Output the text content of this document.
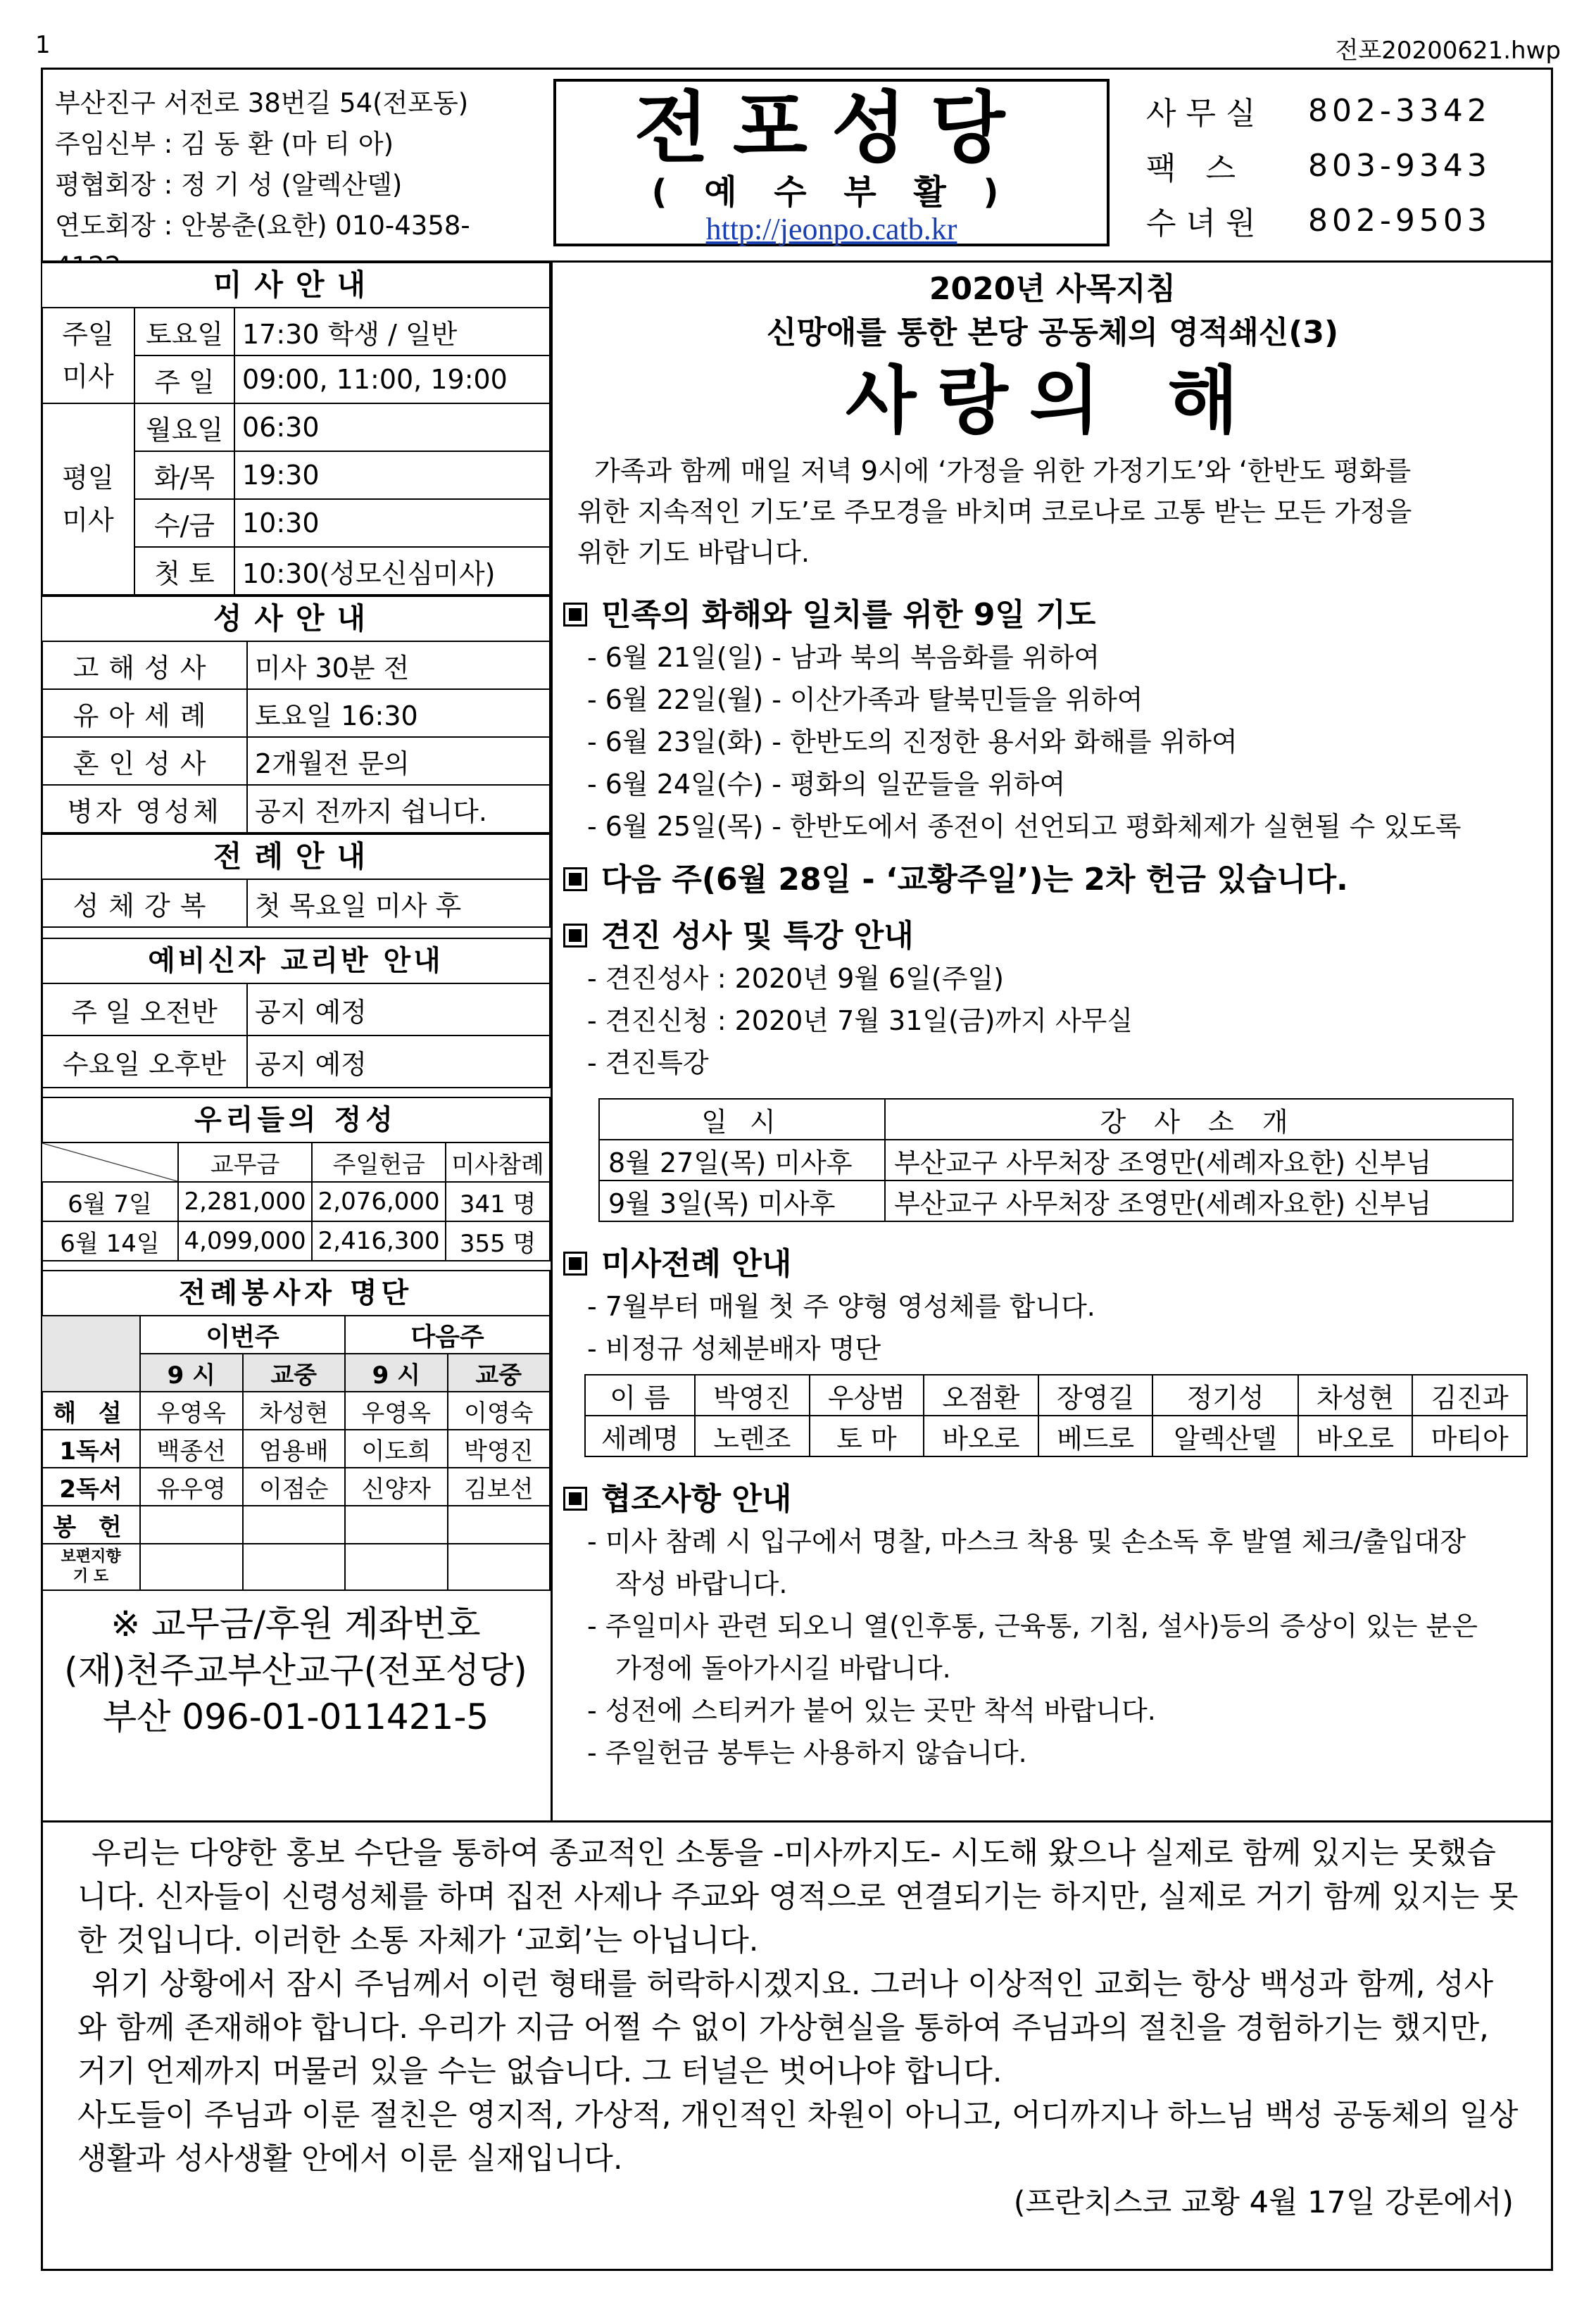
1	전포20200621.hwp
부산진구 서전로 38번길 54(전포동)
주임신부 : 김 동 환 (마 티 아)
평협회장 : 정 기 성 (알렉산델)
연도회장 : 안봉춘(요한) 010-4358-
전포성당
( 예 수 부 활 )
http://jeonpo.catb.kr
사무실	802-3342
팩 스	803-9343
수녀원	802-9503
미사안내
주일
미사	토요일	17:30 학생 / 일반
	주 일	09:00, 11:00, 19:00
평일
미사	월요일	06:30
	화/목	19:30
	수/금	10:30
	첫 토	10:30(성모신심미사)
성사안내
고해성사	미사 30분 전
유아세례	토요일 16:30
혼인성사	2개월전 문의
병자 영성체	공지 전까지 쉽니다.
전례안내
성체강복	첫 목요일 미사 후
예비신자 교리반 안내
주 일 오전반	공지 예정
수요일 오후반	공지 예정
우리들의 정성
	교무금	주일헌금	미사참례
6월 7일	2,281,000	2,076,000	341 명
6월 14일	4,099,000	2,416,300	355 명
전례봉사자 명단
	이번주		다음주	
	9 시	교중	9 시	교중
해 설	우영옥	차성현	우영옥	이영숙
1독서	백종선	엄용배	이도희	박영진
2독서	유우영	이점순	신양자	김보선
봉 헌				
보편지향
기 도				
※ 교무금/후원 계좌번호
(재)천주교부산교구(전포성당)
부산 096-01-011421-5
2020년 사목지침
신망애를 통한 본당 공동체의 영적쇄신(3)
사랑의 해
가족과 함께 매일 저녁 9시에 ‘가정을 위한 가정기도’와 ‘한반도 평화를 위한 지속적인 기도’로 주모경을 바치며 코로나로 고통 받는 모든 가정을 위한 기도 바랍니다.
민족의 화해와 일치를 위한 9일 기도
- 6월 21일(일) - 남과 북의 복음화를 위하여
- 6월 22일(월) - 이산가족과 탈북민들을 위하여
- 6월 23일(화) - 한반도의 진정한 용서와 화해를 위하여
- 6월 24일(수) - 평화의 일꾼들을 위하여
- 6월 25일(목) - 한반도에서 종전이 선언되고 평화체제가 실현될 수 있도록
다음 주(6월 28일 - ‘교황주일’)는 2차 헌금 있습니다.
견진 성사 및 특강 안내
- 견진성사 : 2020년 9월 6일(주일)
- 견진신청 : 2020년 7월 31일(금)까지 사무실
- 견진특강
일 시	강 사 소 개
8월 27일(목) 미사후	부산교구 사무처장 조영만(세례자요한) 신부님
9월 3일(목) 미사후	부산교구 사무처장 조영만(세례자요한) 신부님
미사전례 안내
- 7월부터 매월 첫 주 양형 영성체를 합니다.
- 비정규 성체분배자 명단
이 름	박영진	우상범	오점환	장영길	정기성	차성현	김진과
세례명	노렌조	토 마	바오로	베드로	알렉산델	바오로	마티아
협조사항 안내
- 미사 참례 시 입구에서 명찰, 마스크 착용 및 손소독 후 발열 체크/출입대장
작성 바랍니다.
- 주일미사 관련 되오니 열(인후통, 근육통, 기침, 설사)등의 증상이 있는 분은
가정에 돌아가시길 바랍니다.
- 성전에 스티커가 붙어 있는 곳만 착석 바랍니다.
- 주일헌금 봉투는 사용하지 않습니다.

우리는 다양한 홍보 수단을 통하여 종교적인 소통을 -미사까지도- 시도해 왔으나 실제로 함께 있지는 못했습니다. 신자들이 신령성체를 하며 집전 사제나 주교와 영적으로 연결되기는 하지만, 실제로 거기 함께 있지는 못한 것입니다. 이러한 소통 자체가 ‘교회’는 아닙니다.

위기 상황에서 잠시 주님께서 이런 형태를 허락하시겠지요. 그러나 이상적인 교회는 항상 백성과 함께, 성사와 함께 존재해야 합니다. 우리가 지금 어쩔 수 없이 가상현실을 통하여 주님과의 절친을 경험하기는 했지만, 거기 언제까지 머물러 있을 수는 없습니다. 그 터널은 벗어나야 합니다.

사도들이 주님과 이룬 절친은 영지적, 가상적, 개인적인 차원이 아니고, 어디까지나 하느님 백성 공동체의 일상생활과 성사생활 안에서 이룬 실재입니다.

(프란치스코 교황 4월 17일 강론에서)
